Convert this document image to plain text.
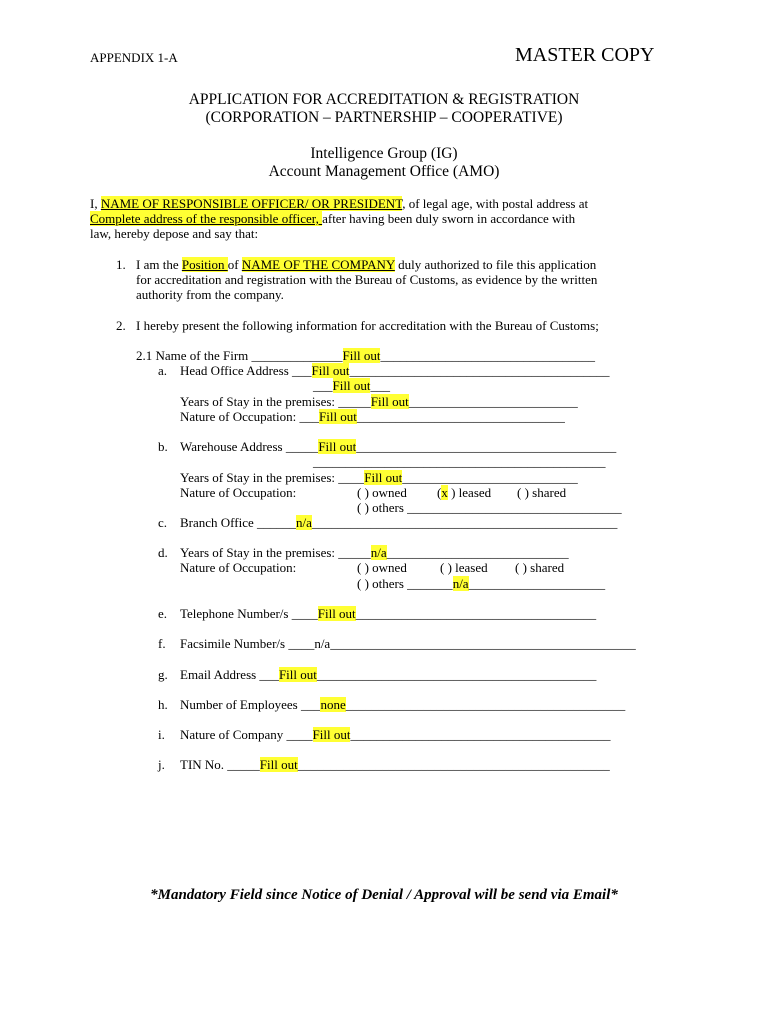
APPENDIX 1-A	MASTER COPY
APPLICATION FOR ACCREDITATION & REGISTRATION
(CORPORATION – PARTNERSHIP – COOPERATIVE)
Intelligence Group (IG)
Account Management Office (AMO)
I, NAME OF RESPONSIBLE OFFICER/ OR PRESIDENT, of legal age, with postal address at
Complete address of the responsible officer, after having been duly sworn in accordance with
law, hereby depose and say that:
1. I am the Position of NAME OF THE COMPANY duly authorized to file this application
for accreditation and registration with the Bureau of Customs, as evidence by the written
authority from the company.
2. I hereby present the following information for accreditation with the Bureau of Customs;
2.1 Name of the Firm ______________Fill out_________________________________
a. Head Office Address ___Fill out________________________________________
___Fill out___
Years of Stay in the premises: _____Fill out__________________________
Nature of Occupation: ___Fill out________________________________
b. Warehouse Address _____Fill out________________________________________
_____________________________________________
Years of Stay in the premises: ____Fill out___________________________
Nature of Occupation:	( ) owned (x ) leased ( ) shared
( ) others _________________________________
c. Branch Office ______n/a_______________________________________________
d. Years of Stay in the premises: _____n/a____________________________
Nature of Occupation:	( ) owned	( ) leased ( ) shared
( ) others _______n/a_____________________
e. Telephone Number/s ____Fill out_____________________________________
f. Facsimile Number/s ____n/a_______________________________________________
g. Email Address ___Fill out___________________________________________
h. Number of Employees ___none___________________________________________
i. Nature of Company ____Fill out________________________________________
j. TIN No. _____Fill out________________________________________________
*Mandatory Field since Notice of Denial / Approval will be send via Email*
